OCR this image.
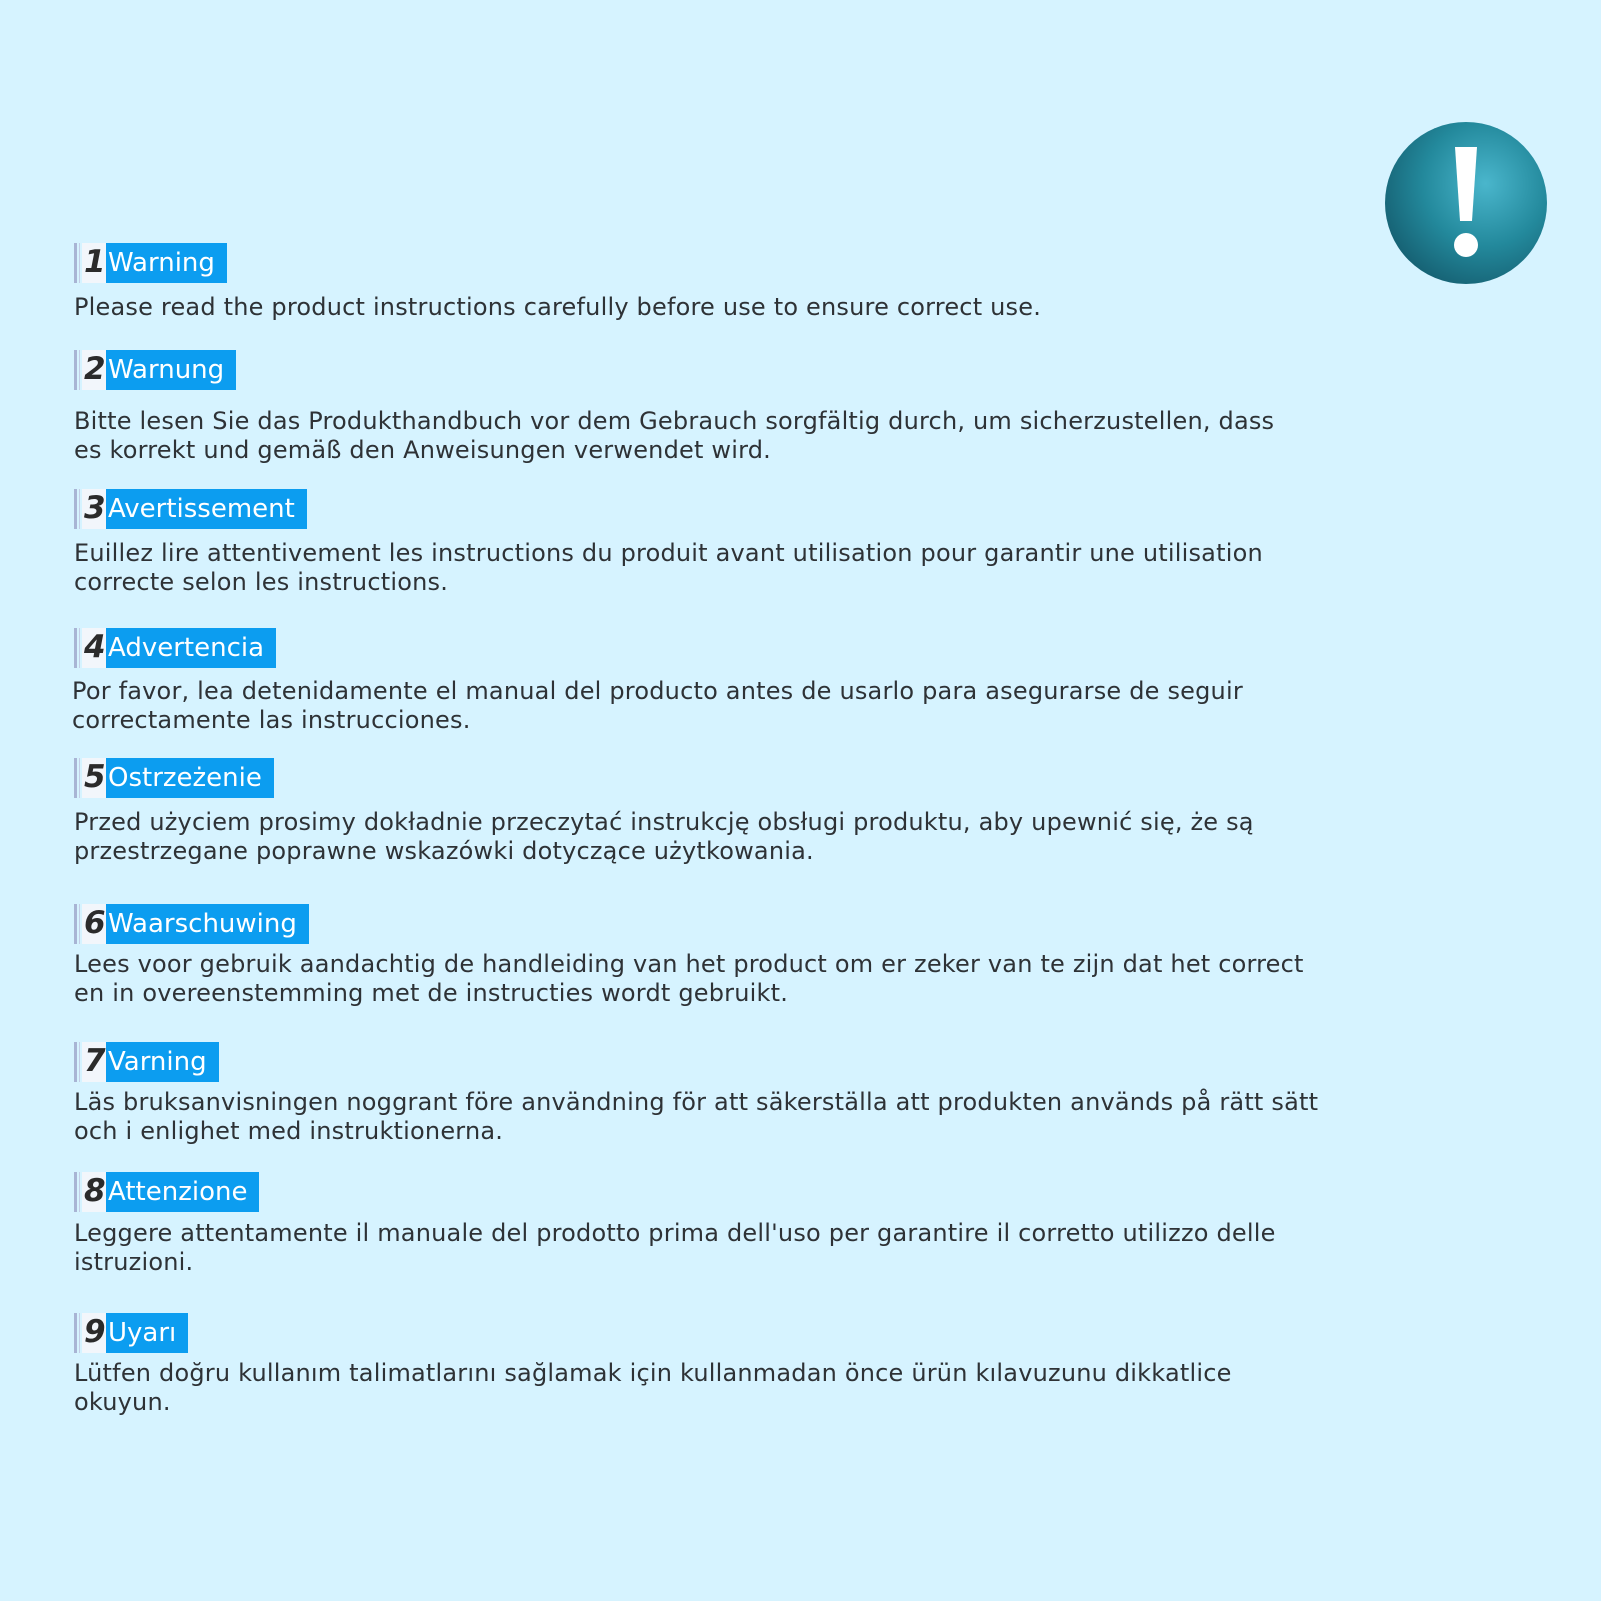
1 Warning
Please read the product instructions carefully before use to ensure correct use.
2 Warnung
Bitte lesen Sie das Produkthandbuch vor dem Gebrauch sorgfältig durch, um sicherzustellen, dass
es korrekt und gemäß den Anweisungen verwendet wird.
3 Avertissement
Euillez lire attentivement les instructions du produit avant utilisation pour garantir une utilisation
correcte selon les instructions.
4 Advertencia
Por favor, lea detenidamente el manual del producto antes de usarlo para asegurarse de seguir
correctamente las instrucciones.
5 Ostrzeżenie
Przed użyciem prosimy dokładnie przeczytać instrukcję obsługi produktu, aby upewnić się, że są
przestrzegane poprawne wskazówki dotyczące użytkowania.
6 Waarschuwing
Lees voor gebruik aandachtig de handleiding van het product om er zeker van te zijn dat het correct
en in overeenstemming met de instructies wordt gebruikt.
7 Varning
Läs bruksanvisningen noggrant före användning för att säkerställa att produkten används på rätt sätt
och i enlighet med instruktionerna.
8 Attenzione
Leggere attentamente il manuale del prodotto prima dell'uso per garantire il corretto utilizzo delle
istruzioni.
9 Uyarı
Lütfen doğru kullanım talimatlarını sağlamak için kullanmadan önce ürün kılavuzunu dikkatlice
okuyun.
